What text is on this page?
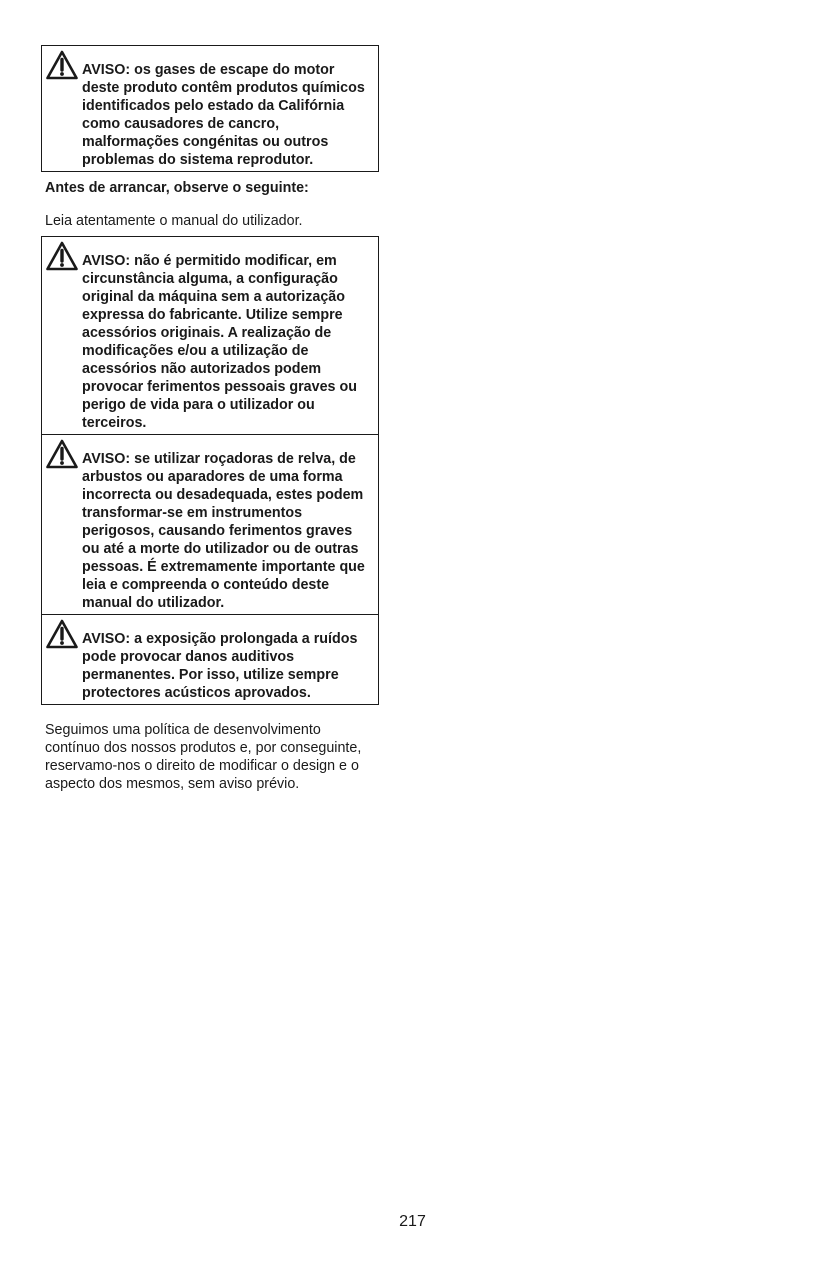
AVISO: os gases de escape do motor deste produto contêm produtos químicos identificados pelo estado da Califórnia como causadores de cancro, malformações congénitas ou outros problemas do sistema reprodutor.

Antes de arrancar, observe o seguinte:

Leia atentamente o manual do utilizador.

AVISO: não é permitido modificar, em circunstância alguma, a configuração original da máquina sem a autorização expressa do fabricante. Utilize sempre acessórios originais. A realização de modificações e/ou a utilização de acessórios não autorizados podem provocar ferimentos pessoais graves ou perigo de vida para o utilizador ou terceiros.

AVISO: se utilizar roçadoras de relva, de arbustos ou aparadores de uma forma incorrecta ou desadequada, estes podem transformar-se em instrumentos perigosos, causando ferimentos graves ou até a morte do utilizador ou de outras pessoas. É extremamente importante que leia e compreenda o conteúdo deste manual do utilizador.

AVISO: a exposição prolongada a ruídos pode provocar danos auditivos permanentes. Por isso, utilize sempre protectores acústicos aprovados.

Seguimos uma política de desenvolvimento contínuo dos nossos produtos e, por conseguinte, reservamo-nos o direito de modificar o design e o aspecto dos mesmos, sem aviso prévio.

217
